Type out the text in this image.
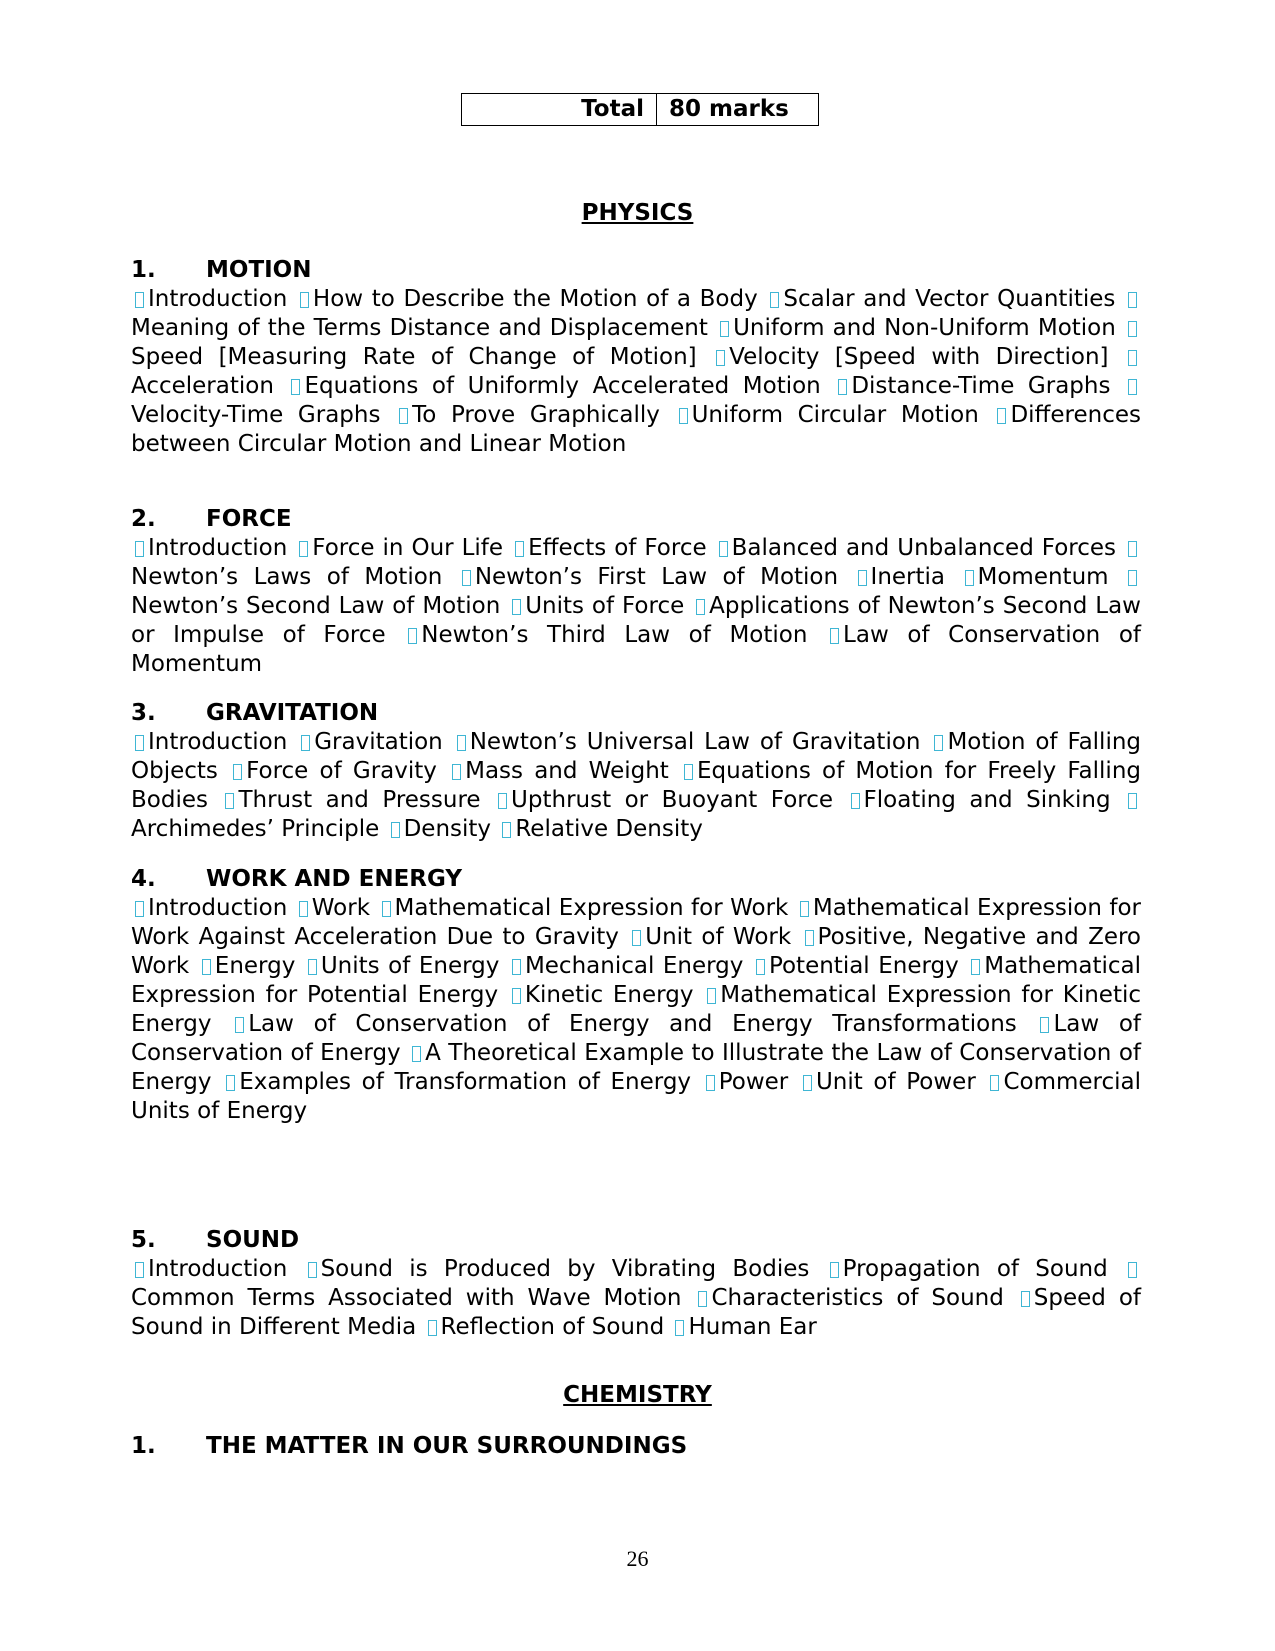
Total	80 marks
PHYSICS
1.	MOTION

Introduction How to Describe the Motion of a Body Scalar and Vector Quantities Meaning of the Terms Distance and Displacement Uniform and Non-Uniform Motion Speed [Measuring Rate of Change of Motion] Velocity [Speed with Direction] Acceleration Equations of Uniformly Accelerated Motion Distance-Time Graphs Velocity-Time Graphs To Prove Graphically Uniform Circular Motion Differences between Circular Motion and Linear Motion

2.	FORCE

Introduction Force in Our Life Effects of Force Balanced and Unbalanced Forces Newton’s Laws of Motion Newton’s First Law of Motion Inertia Momentum Newton’s Second Law of Motion Units of Force Applications of Newton’s Second Law or Impulse of Force Newton’s Third Law of Motion Law of Conservation of Momentum

3.	GRAVITATION

Introduction Gravitation Newton’s Universal Law of Gravitation Motion of Falling Objects Force of Gravity Mass and Weight Equations of Motion for Freely Falling Bodies Thrust and Pressure Upthrust or Buoyant Force Floating and Sinking Archimedes’ Principle Density Relative Density

4.	WORK AND ENERGY

Introduction Work Mathematical Expression for Work Mathematical Expression for Work Against Acceleration Due to Gravity Unit of Work Positive, Negative and Zero Work Energy Units of Energy Mechanical Energy Potential Energy Mathematical Expression for Potential Energy Kinetic Energy Mathematical Expression for Kinetic Energy Law of Conservation of Energy and Energy Transformations Law of Conservation of Energy A Theoretical Example to Illustrate the Law of Conservation of Energy Examples of Transformation of Energy Power Unit of Power Commercial Units of Energy

5.	SOUND

Introduction Sound is Produced by Vibrating Bodies Propagation of Sound Common Terms Associated with Wave Motion Characteristics of Sound Speed of Sound in Different Media Reflection of Sound Human Ear

CHEMISTRY
1.	THE MATTER IN OUR SURROUNDINGS
26
